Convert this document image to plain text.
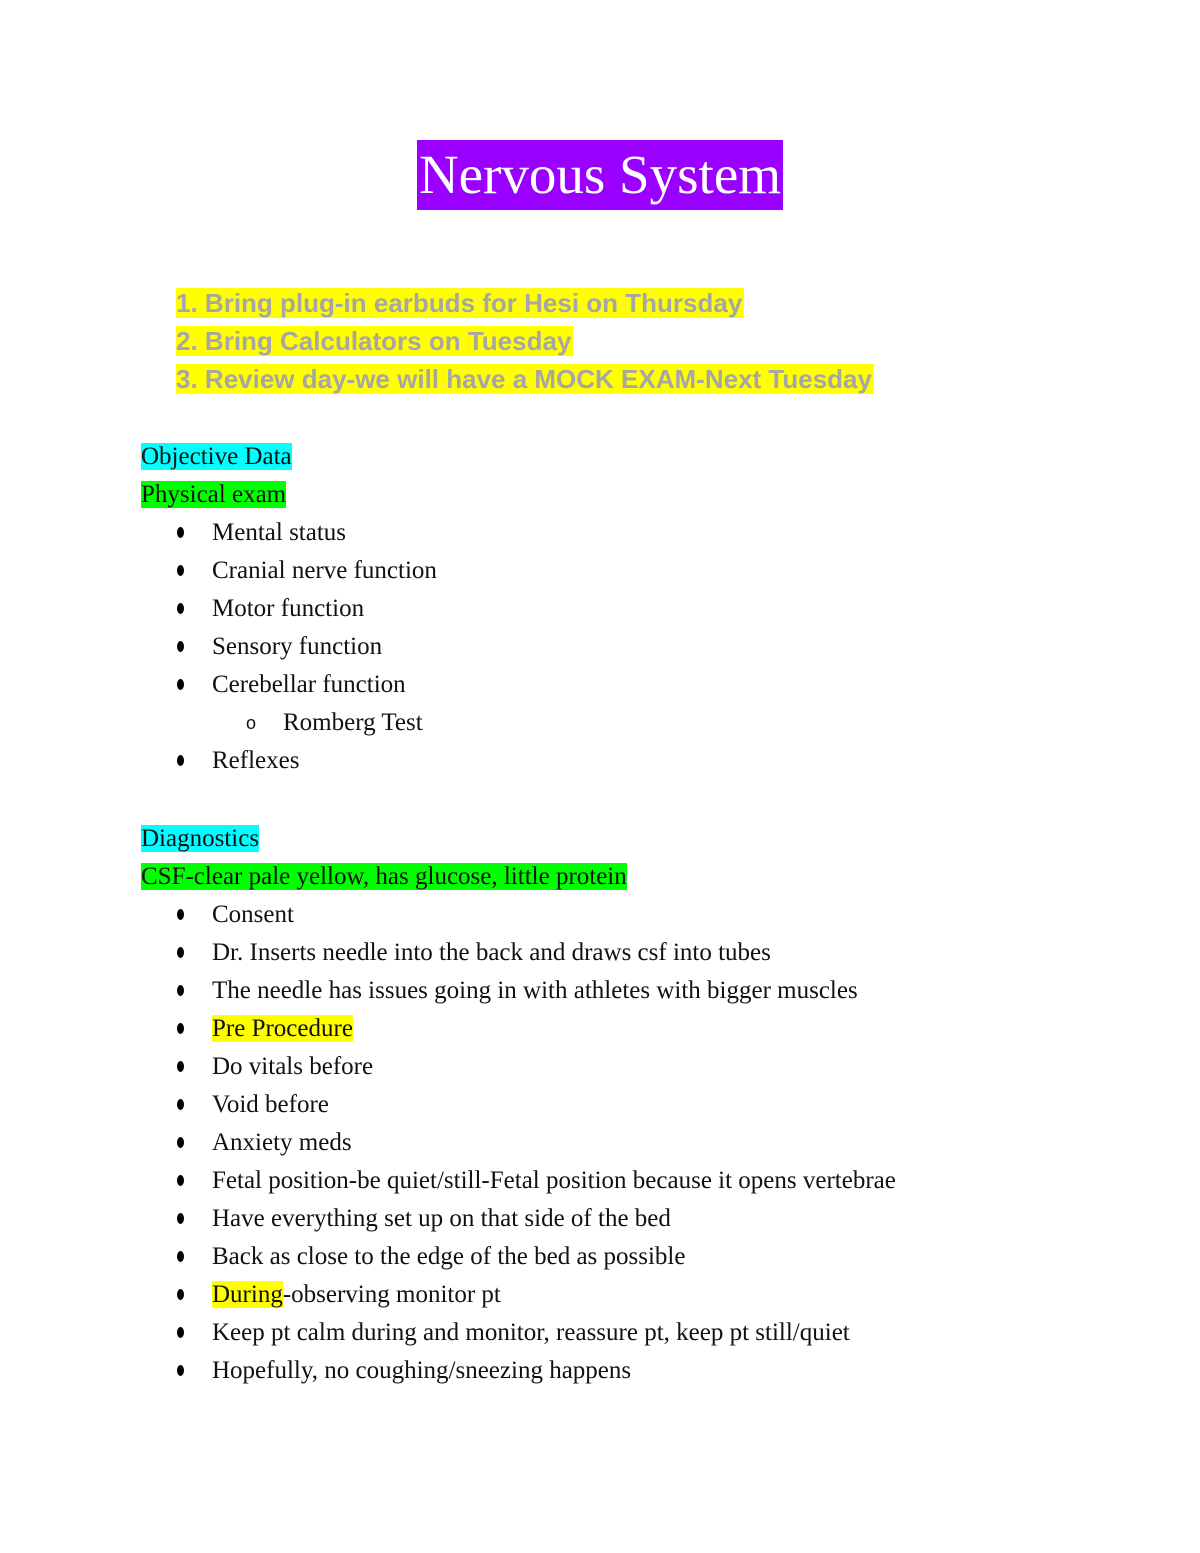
Nervous System
1. Bring plug-in earbuds for Hesi on Thursday
2. Bring Calculators on Tuesday
3. Review day-we will have a MOCK EXAM-Next Tuesday
Objective Data
Physical exam
Mental status
Cranial nerve function
Motor function
Sensory function
Cerebellar function
o Romberg Test
Reflexes
Diagnostics
CSF-clear pale yellow, has glucose, little protein
Consent
Dr. Inserts needle into the back and draws csf into tubes
The needle has issues going in with athletes with bigger muscles
Pre Procedure
Do vitals before
Void before
Anxiety meds
Fetal position-be quiet/still-Fetal position because it opens vertebrae
Have everything set up on that side of the bed
Back as close to the edge of the bed as possible
During-observing monitor pt
Keep pt calm during and monitor, reassure pt, keep pt still/quiet
Hopefully, no coughing/sneezing happens
